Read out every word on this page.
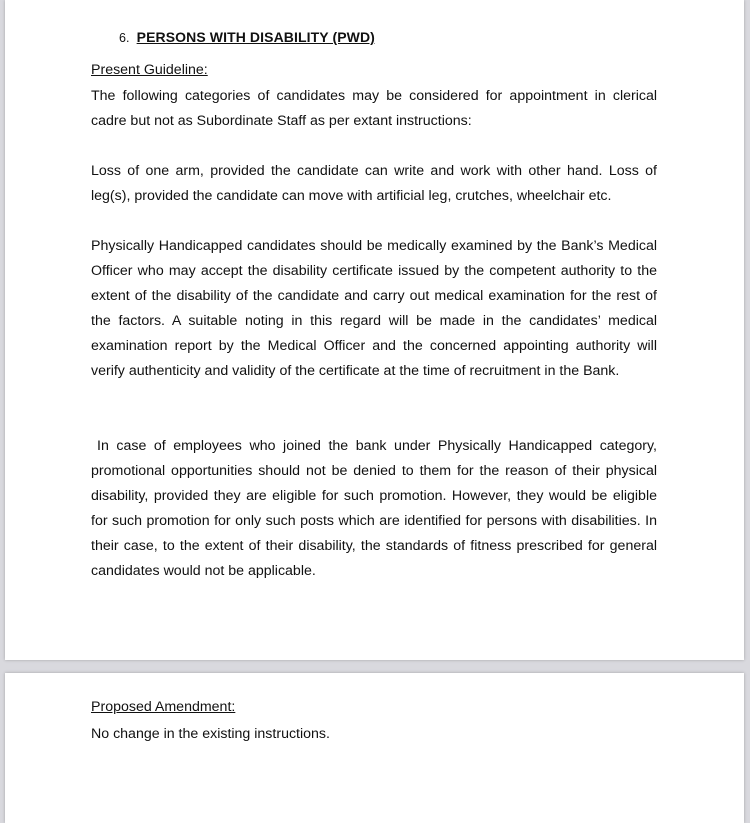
6. PERSONS WITH DISABILITY (PWD)
Present Guideline:

The following categories of candidates may be considered for appointment in clerical cadre but not as Subordinate Staff as per extant instructions:

Loss of one arm, provided the candidate can write and work with other hand. Loss of leg(s), provided the candidate can move with artificial leg, crutches, wheelchair etc.

Physically Handicapped candidates should be medically examined by the Bank’s Medical Officer who may accept the disability certificate issued by the competent authority to the extent of the disability of the candidate and carry out medical examination for the rest of the factors. A suitable noting in this regard will be made in the candidates’ medical examination report by the Medical Officer and the concerned appointing authority will verify authenticity and validity of the certificate at the time of recruitment in the Bank.

In case of employees who joined the bank under Physically Handicapped category, promotional opportunities should not be denied to them for the reason of their physical disability, provided they are eligible for such promotion. However, they would be eligible for such promotion for only such posts which are identified for persons with disabilities. In their case, to the extent of their disability, the standards of fitness prescribed for general candidates would not be applicable.

Proposed Amendment:

No change in the existing instructions.
